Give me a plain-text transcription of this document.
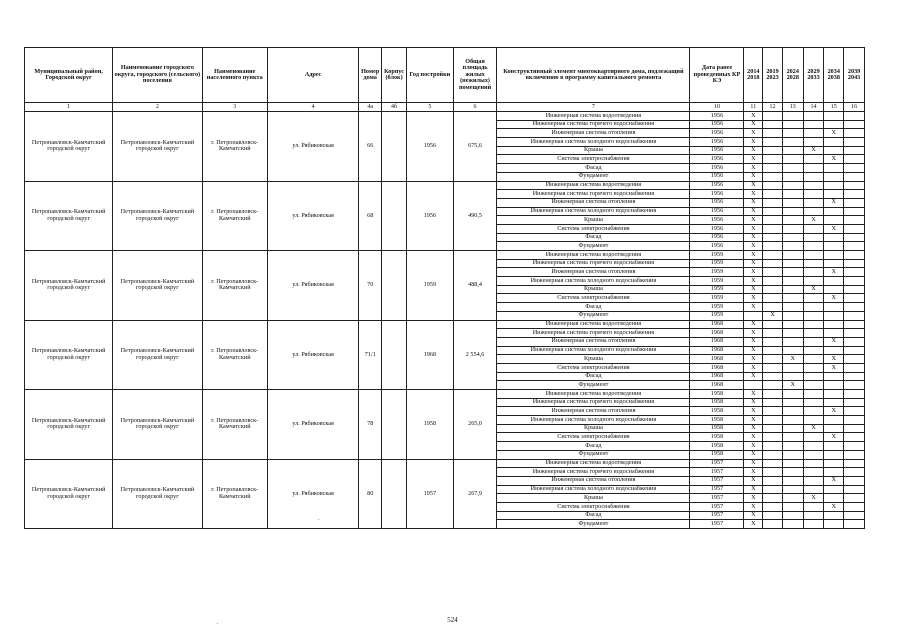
Муниципальный район, Городской округ	Наименование городского округа, городского (сельского) поселения	Наименование населенного пункта	Адрес	Номер дома	Корпус (блок)	Год постройки	Общая площадь жилых (нежилых) помещений	Конструктивный элемент многоквартирного дома, подлежащий включению в программу капитального ремонта	Дата ранее проведенных КР КЭ	2014 2018	2019 2023	2024 2028	2029 2033	2034 2038	2039 2043
1	2	3	4	4а	4б	5	6	7	10	11	12	13	14	15	16
Петропавловск-Камчатский городской округ	Петропавловск-Камчатский городской округ	г. Петропавловск-Камчатский	ул. Рябиковская	66		1956	675,6	Инженерная система водоотведения	1956	X					
								Инженерная система горячего водоснабжения	1956	X					
								Инженерная система отопления	1956	X				X	
								Инженерная система холодного водоснабжения	1956	X					
								Крыша	1956	X			X		
								Система электроснабжения	1956	X				X	
								Фасад	1956	X					
								Фундамент	1956	X					
Петропавловск-Камчатский городской округ	Петропавловск-Камчатский городской округ	г. Петропавловск-Камчатский	ул. Рябиковская	68		1956	490,5	Инженерная система водоотведения	1956	X					
								Инженерная система горячего водоснабжения	1956	X					
								Инженерная система отопления	1956	X				X	
								Инженерная система холодного водоснабжения	1956	X					
								Крыша	1956	X			X		
								Система электроснабжения	1956	X				X	
								Фасад	1956	X					
								Фундамент	1956	X					
Петропавловск-Камчатский городской округ	Петропавловск-Камчатский городской округ	г. Петропавловск-Камчатский	ул. Рябиковская	70		1959	488,4	Инженерная система водоотведения	1959	X					
								Инженерная система горячего водоснабжения	1959	X					
								Инженерная система отопления	1959	X				X	
								Инженерная система холодного водоснабжения	1959	X					
								Крыша	1959	X			X		
								Система электроснабжения	1959	X				X	
								Фасад	1959	X					
								Фундамент	1959		X				
Петропавловск-Камчатский городской округ	Петропавловск-Камчатский городской округ	г. Петропавловск-Камчатский	ул. Рябиковская	71/1		1968	2 554,6	Инженерная система водоотведения	1968	X					
								Инженерная система горячего водоснабжения	1968	X					
								Инженерная система отопления	1968	X				X	
								Инженерная система холодного водоснабжения	1968	X					
								Крыша	1968	X		X		X	
								Система электроснабжения	1968	X				X	
								Фасад	1968	X					
								Фундамент	1968			X			
Петропавловск-Камчатский городской округ	Петропавловск-Камчатский городской округ	г. Петропавловск-Камчатский	ул. Рябиковская	78		1958	265,0	Инженерная система водоотведения	1958	X					
								Инженерная система горячего водоснабжения	1958	X					
								Инженерная система отопления	1958	X				X	
								Инженерная система холодного водоснабжения	1958	X					
								Крыша	1958	X			X		
								Система электроснабжения	1958	X				X	
								Фасад	1958	X					
								Фундамент	1958	X					
Петропавловск-Камчатский городской округ	Петропавловск-Камчатский городской округ	г. Петропавловск-Камчатский	ул. Рябиковская	80		1957	267,9	Инженерная система водоотведения	1957	X					
								Инженерная система горячего водоснабжения	1957	X					
								Инженерная система отопления	1957	X				X	
								Инженерная система холодного водоснабжения	1957	X					
								Крыша	1957	X			X		
								Система электроснабжения	1957	X				X	
								Фасад	1957	X					
								Фундамент	1957	X					
.
.	524
